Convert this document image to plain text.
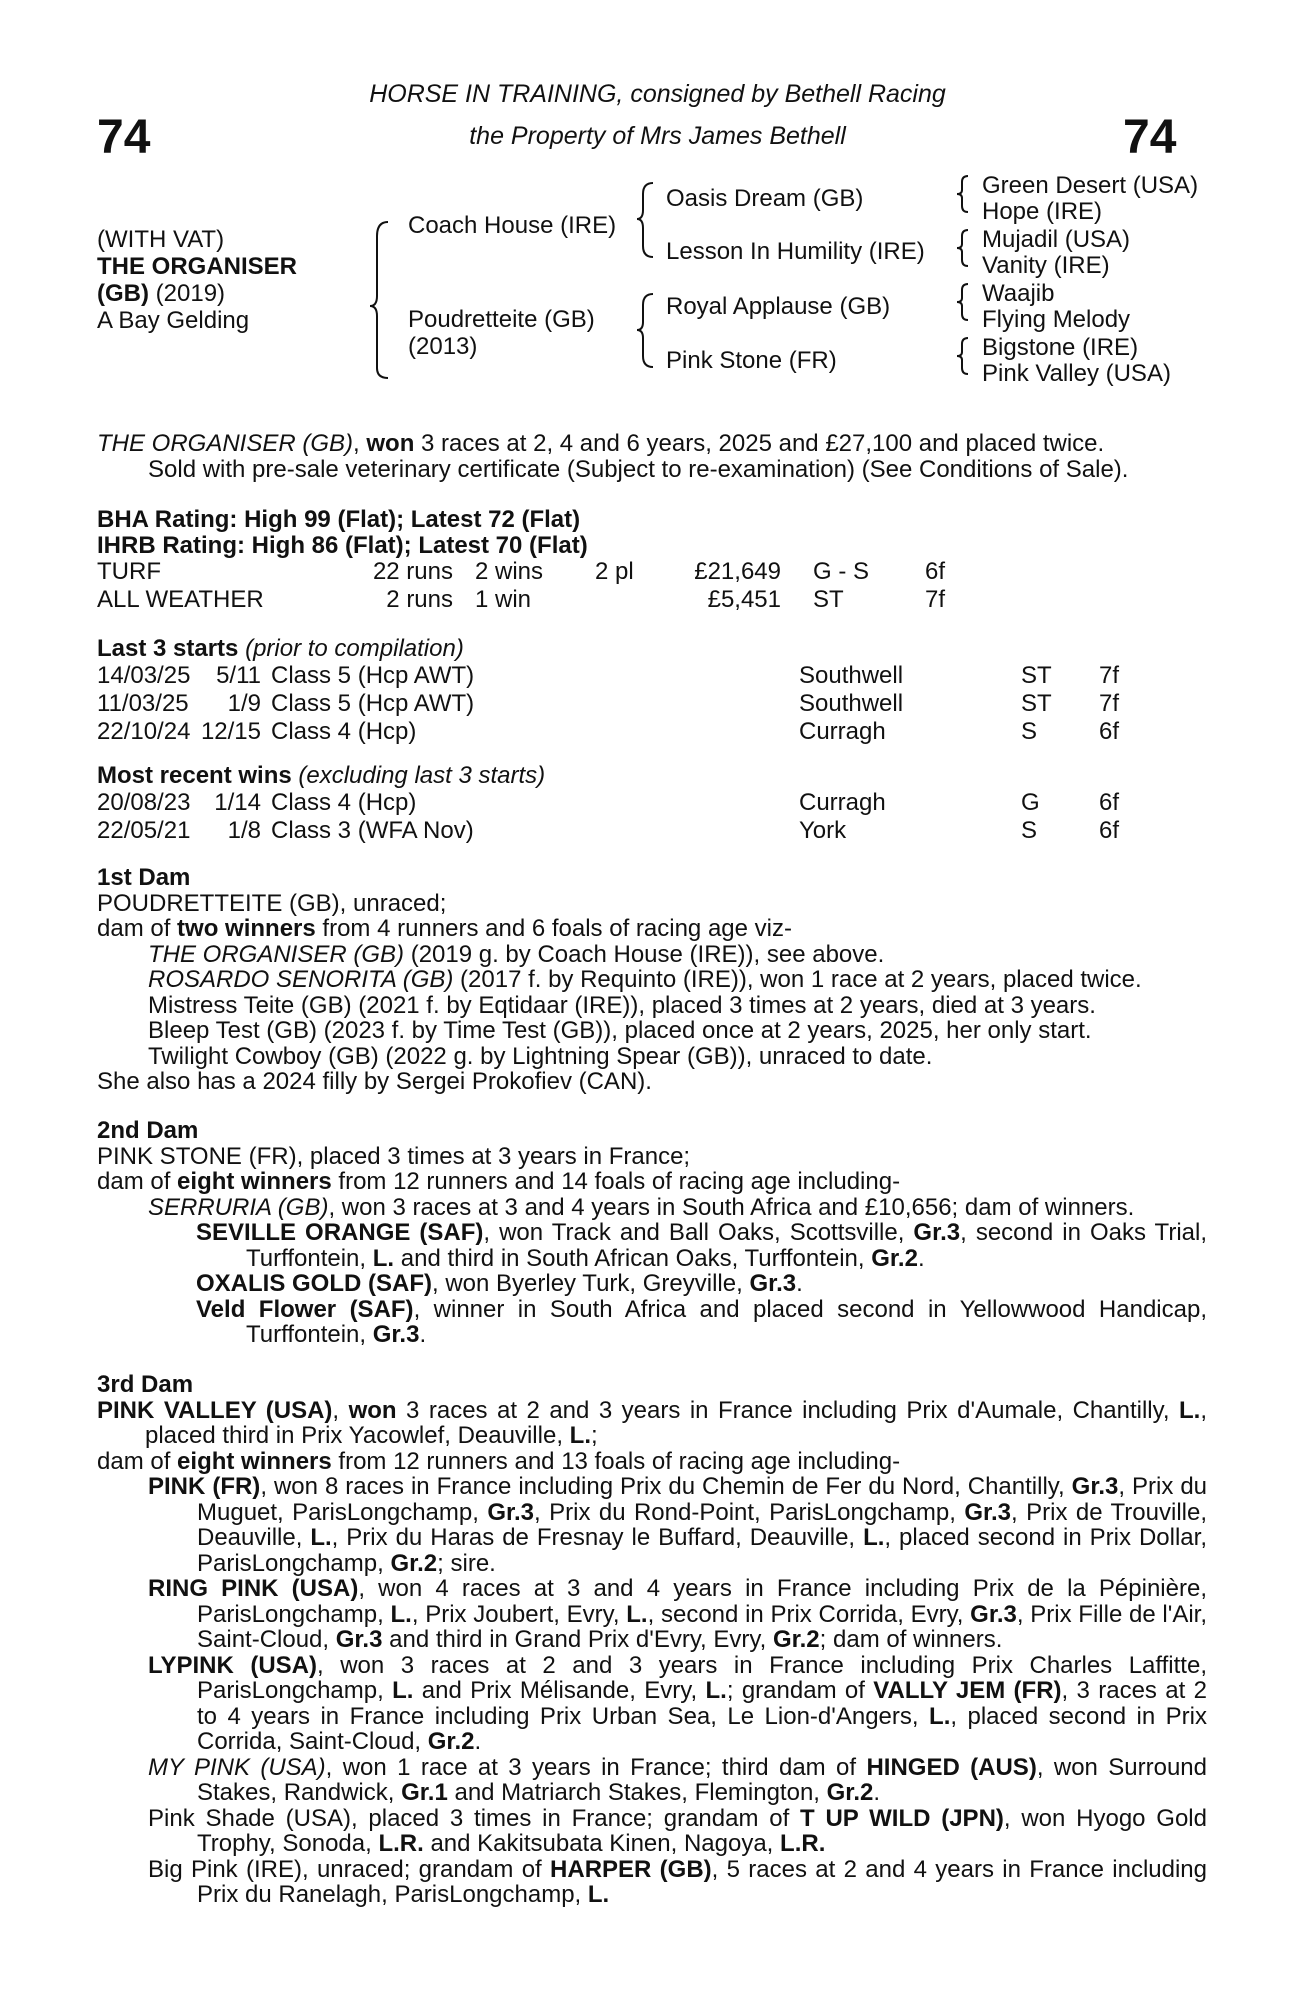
74	74
HORSE IN TRAINING, consigned by Bethell Racing
the Property of Mrs James Bethell
(WITH VAT)
THE ORGANISER
(GB) (2019)
A Bay Gelding
Coach House (IRE)
Poudretteite (GB)
(2013)
Oasis Dream (GB)
Lesson In Humility (IRE)
Royal Applause (GB)
Pink Stone (FR)
Green Desert (USA)
Hope (IRE)
Mujadil (USA)
Vanity (IRE)
Waajib
Flying Melody
Bigstone (IRE)
Pink Valley (USA)
THE ORGANISER (GB), won 3 races at 2, 4 and 6 years, 2025 and £27,100 and placed twice.
Sold with pre-sale veterinary certificate (Subject to re-examination) (See Conditions of Sale).
BHA Rating: High 99 (Flat); Latest 72 (Flat)
IHRB Rating: High 86 (Flat); Latest 70 (Flat)
TURF	22 runs	2 wins	2 pl	£21,649	G - S	6f
ALL WEATHER	2 runs	1 win		£5,451	ST	7f
Last 3 starts (prior to compilation)
14/03/25	5/11	Class 5 (Hcp AWT)	Southwell	ST	7f
11/03/25	1/9	Class 5 (Hcp AWT)	Southwell	ST	7f
22/10/24	12/15	Class 4 (Hcp)	Curragh	S	6f
Most recent wins (excluding last 3 starts)
20/08/23	1/14	Class 4 (Hcp)	Curragh	G	6f
22/05/21	1/8	Class 3 (WFA Nov)	York	S	6f
1st Dam
POUDRETTEITE (GB), unraced;
dam of two winners from 4 runners and 6 foals of racing age viz-
THE ORGANISER (GB) (2019 g. by Coach House (IRE)), see above.
ROSARDO SENORITA (GB) (2017 f. by Requinto (IRE)), won 1 race at 2 years, placed twice.
Mistress Teite (GB) (2021 f. by Eqtidaar (IRE)), placed 3 times at 2 years, died at 3 years.
Bleep Test (GB) (2023 f. by Time Test (GB)), placed once at 2 years, 2025, her only start.
Twilight Cowboy (GB) (2022 g. by Lightning Spear (GB)), unraced to date.
She also has a 2024 filly by Sergei Prokofiev (CAN).
2nd Dam
PINK STONE (FR), placed 3 times at 3 years in France;
dam of eight winners from 12 runners and 14 foals of racing age including-
SERRURIA (GB), won 3 races at 3 and 4 years in South Africa and £10,656; dam of winners.
SEVILLE ORANGE (SAF), won Track and Ball Oaks, Scottsville, Gr.3, second in Oaks Trial, Turffontein, L. and third in South African Oaks, Turffontein, Gr.2.
OXALIS GOLD (SAF), won Byerley Turk, Greyville, Gr.3.
Veld Flower (SAF), winner in South Africa and placed second in Yellowwood Handicap, Turffontein, Gr.3.
3rd Dam
PINK VALLEY (USA), won 3 races at 2 and 3 years in France including Prix d'Aumale, Chantilly, L., placed third in Prix Yacowlef, Deauville, L.;
dam of eight winners from 12 runners and 13 foals of racing age including-
PINK (FR), won 8 races in France including Prix du Chemin de Fer du Nord, Chantilly, Gr.3, Prix du Muguet, ParisLongchamp, Gr.3, Prix du Rond-Point, ParisLongchamp, Gr.3, Prix de Trouville, Deauville, L., Prix du Haras de Fresnay le Buffard, Deauville, L., placed second in Prix Dollar, ParisLongchamp, Gr.2; sire.
RING PINK (USA), won 4 races at 3 and 4 years in France including Prix de la Pépinière, ParisLongchamp, L., Prix Joubert, Evry, L., second in Prix Corrida, Evry, Gr.3, Prix Fille de l'Air, Saint-Cloud, Gr.3 and third in Grand Prix d'Evry, Evry, Gr.2; dam of winners.
LYPINK (USA), won 3 races at 2 and 3 years in France including Prix Charles Laffitte, ParisLongchamp, L. and Prix Mélisande, Evry, L.; grandam of VALLY JEM (FR), 3 races at 2 to 4 years in France including Prix Urban Sea, Le Lion-d'Angers, L., placed second in Prix Corrida, Saint-Cloud, Gr.2.
MY PINK (USA), won 1 race at 3 years in France; third dam of HINGED (AUS), won Surround Stakes, Randwick, Gr.1 and Matriarch Stakes, Flemington, Gr.2.
Pink Shade (USA), placed 3 times in France; grandam of T UP WILD (JPN), won Hyogo Gold Trophy, Sonoda, L.R. and Kakitsubata Kinen, Nagoya, L.R.
Big Pink (IRE), unraced; grandam of HARPER (GB), 5 races at 2 and 4 years in France including Prix du Ranelagh, ParisLongchamp, L.
